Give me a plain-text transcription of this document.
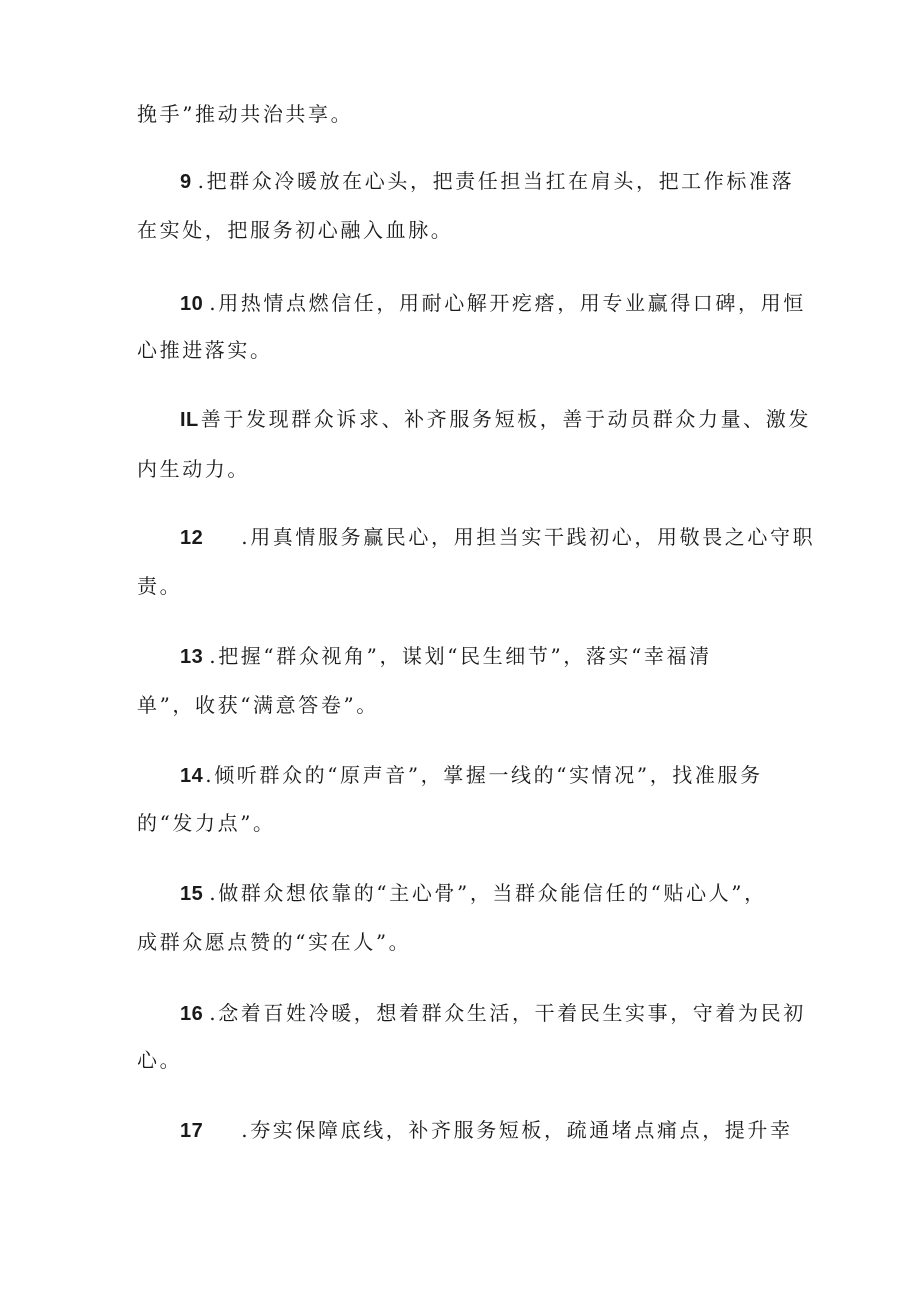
挽手”推动共治共享。
9 .把群众冷暖放在心头，把责任担当扛在肩头，把工作标准落
在实处，把服务初心融入血脉。
10 .用热情点燃信任，用耐心解开疙瘩，用专业赢得口碑，用恒
心推进落实。
IL 善于发现群众诉求、补齐服务短板，善于动员群众力量、激发
内生动力。
12 .用真情服务赢民心，用担当实干践初心，用敬畏之心守职
责。
13 .把握“群众视角”，谋划“民生细节”，落实“幸福清
单”，收获“满意答卷”。
14 .倾听群众的“原声音”，掌握一线的“实情况”，找准服务
的“发力点”。
15 .做群众想依靠的“主心骨”，当群众能信任的“贴心人”，
成群众愿点赞的“实在人”。
16 .念着百姓冷暖，想着群众生活，干着民生实事，守着为民初
心。
17 .夯实保障底线，补齐服务短板，疏通堵点痛点，提升幸
